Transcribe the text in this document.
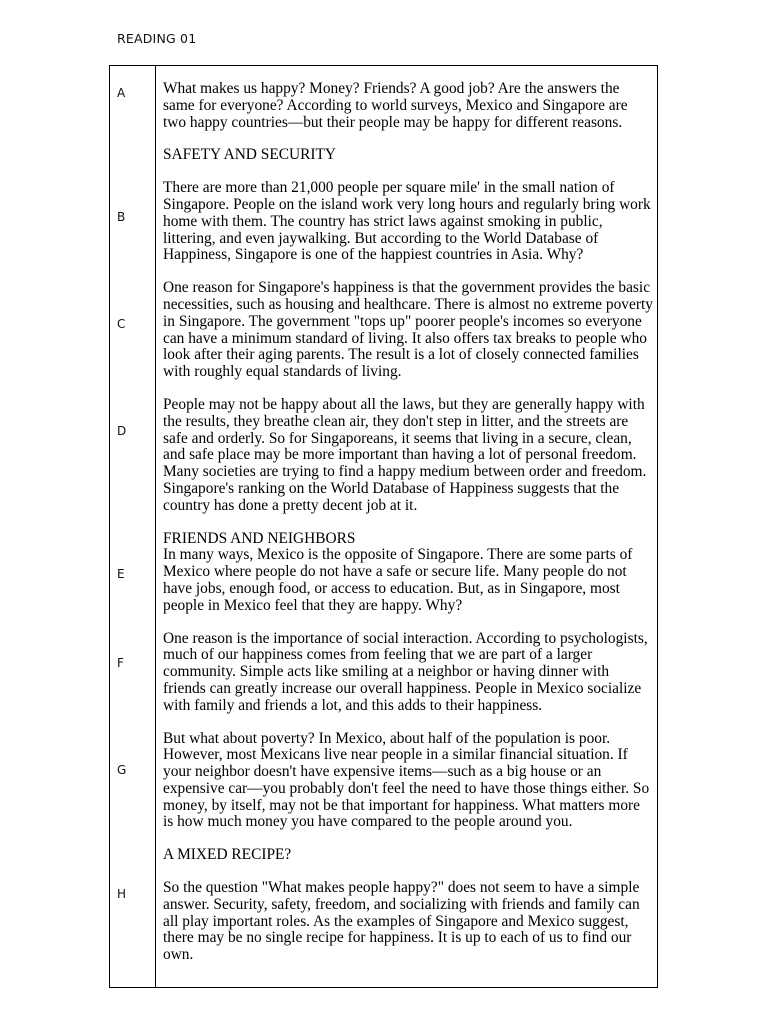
READING 01
A
B
C
D
E
F
G
H

What makes us happy? Money? Friends? A good job? Are the answers the same for everyone? According to world surveys, Mexico and Singapore are two happy countries—but their people may be happy for different reasons.

SAFETY AND SECURITY

There are more than 21,000 people per square mile' in the small nation of Singapore. People on the island work very long hours and regularly bring work home with them. The country has strict laws against smoking in public, littering, and even jaywalking. But according to the World Database of Happiness, Singapore is one of the happiest countries in Asia. Why?

One reason for Singapore's happiness is that the government provides the basic necessities, such as housing and healthcare. There is almost no extreme poverty in Singapore. The government "tops up" poorer people's incomes so everyone can have a minimum standard of living. It also offers tax breaks to people who look after their aging parents. The result is a lot of closely connected families with roughly equal standards of living.

People may not be happy about all the laws, but they are generally happy with the results, they breathe clean air, they don't step in litter, and the streets are safe and orderly. So for Singaporeans, it seems that living in a secure, clean, and safe place may be more important than having a lot of personal freedom. Many societies are trying to find a happy medium between order and freedom. Singapore's ranking on the World Database of Happiness suggests that the country has done a pretty decent job at it.

FRIENDS AND NEIGHBORS

In many ways, Mexico is the opposite of Singapore. There are some parts of Mexico where people do not have a safe or secure life. Many people do not have jobs, enough food, or access to education. But, as in Singapore, most people in Mexico feel that they are happy. Why?

One reason is the importance of social interaction. According to psychologists, much of our happiness comes from feeling that we are part of a larger community. Simple acts like smiling at a neighbor or having dinner with friends can greatly increase our overall happiness. People in Mexico socialize with family and friends a lot, and this adds to their happiness.

But what about poverty? In Mexico, about half of the population is poor. However, most Mexicans live near people in a similar financial situation. If your neighbor doesn't have expensive items—such as a big house or an expensive car—you probably don't feel the need to have those things either. So money, by itself, may not be that important for happiness. What matters more is how much money you have compared to the people around you.

A MIXED RECIPE?

So the question "What makes people happy?" does not seem to have a simple answer. Security, safety, freedom, and socializing with friends and family can all play important roles. As the examples of Singapore and Mexico suggest, there may be no single recipe for happiness. It is up to each of us to find our own.
